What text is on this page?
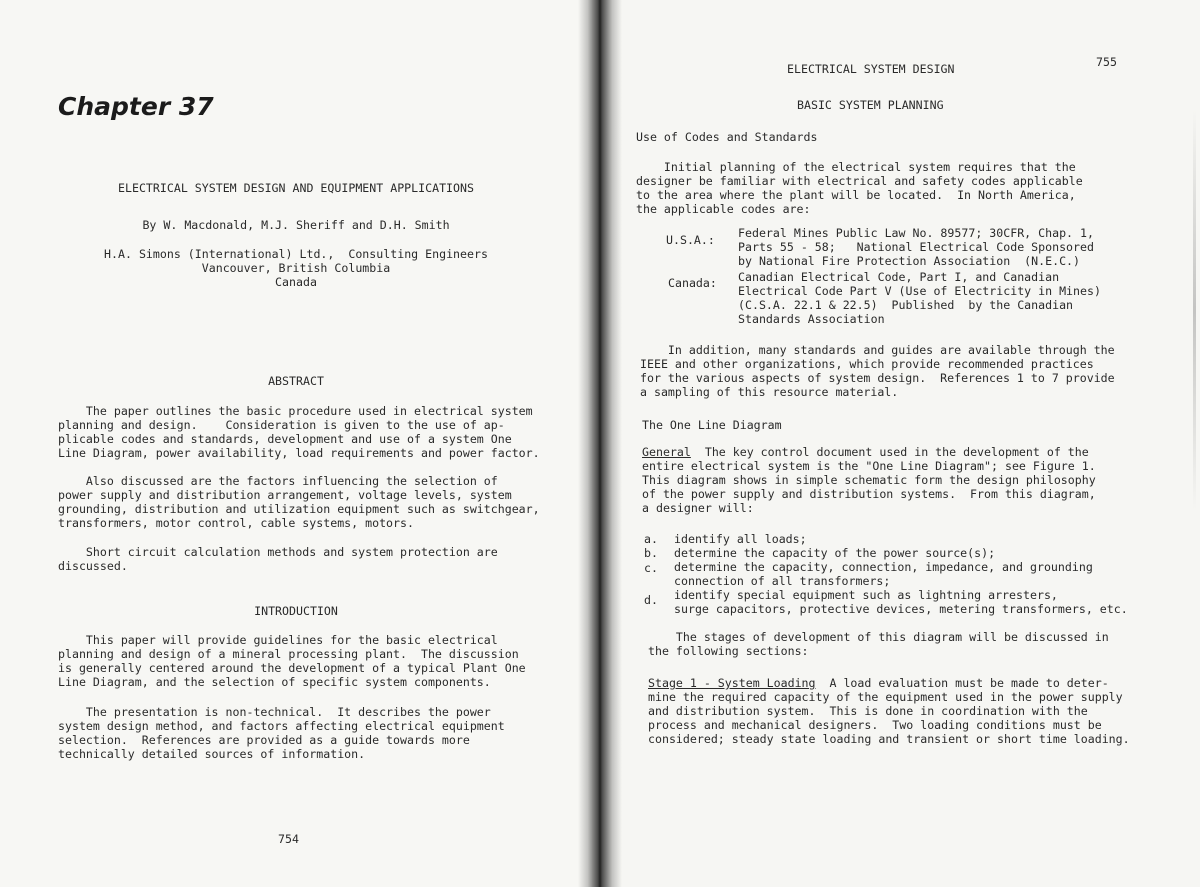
Chapter 37
ELECTRICAL SYSTEM DESIGN AND EQUIPMENT APPLICATIONS
By W. Macdonald, M.J. Sheriff and D.H. Smith
H.A. Simons (International) Ltd.,  Consulting Engineers
Vancouver, British Columbia
Canada
ABSTRACT
The paper outlines the basic procedure used in electrical system
planning and design.    Consideration is given to the use of ap-
plicable codes and standards, development and use of a system One
Line Diagram, power availability, load requirements and power factor.
Also discussed are the factors influencing the selection of
power supply and distribution arrangement, voltage levels, system
grounding, distribution and utilization equipment such as switchgear,
transformers, motor control, cable systems, motors.
Short circuit calculation methods and system protection are
discussed.
INTRODUCTION
This paper will provide guidelines for the basic electrical
planning and design of a mineral processing plant.  The discussion
is generally centered around the development of a typical Plant One
Line Diagram, and the selection of specific system components.
The presentation is non-technical.  It describes the power
system design method, and factors affecting electrical equipment
selection.  References are provided as a guide towards more
technically detailed sources of information.
754
ELECTRICAL SYSTEM DESIGN	755
BASIC SYSTEM PLANNING
Use of Codes and Standards
Initial planning of the electrical system requires that the
designer be familiar with electrical and safety codes applicable
to the area where the plant will be located.  In North America,
the applicable codes are:
U.S.A.: Federal Mines Public Law No. 89577; 30CFR, Chap. 1,
Parts 55 - 58;   National Electrical Code Sponsored
by National Fire Protection Association  (N.E.C.)
Canada: Canadian Electrical Code, Part I, and Canadian
Electrical Code Part V (Use of Electricity in Mines)
(C.S.A. 22.1 & 22.5)  Published  by the Canadian
Standards Association
In addition, many standards and guides are available through the
IEEE and other organizations, which provide recommended practices
for the various aspects of system design.  References 1 to 7 provide
a sampling of this resource material.
The One Line Diagram
General  The key control document used in the development of the
entire electrical system is the "One Line Diagram"; see Figure 1.
This diagram shows in simple schematic form the design philosophy
of the power supply and distribution systems.  From this diagram,
a designer will:
a. identify all loads;
b. determine the capacity of the power source(s);
c. determine the capacity, connection, impedance, and grounding
connection of all transformers;
d. identify special equipment such as lightning arresters,
surge capacitors, protective devices, metering transformers, etc.
The stages of development of this diagram will be discussed in
the following sections:
Stage 1 - System Loading  A load evaluation must be made to deter-
mine the required capacity of the equipment used in the power supply
and distribution system.  This is done in coordination with the
process and mechanical designers.  Two loading conditions must be
considered; steady state loading and transient or short time loading.
